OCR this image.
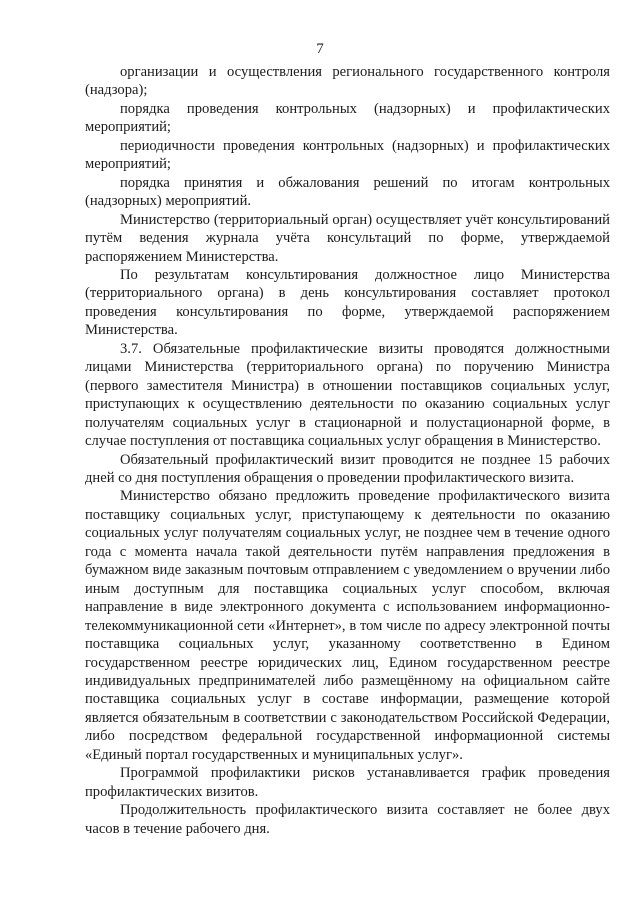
7

организации и осуществления регионального государственного контроля (надзора);

порядка проведения контрольных (надзорных) и профилактических мероприятий;

периодичности проведения контрольных (надзорных) и профилактических мероприятий;

порядка принятия и обжалования решений по итогам контрольных (надзорных) мероприятий.

Министерство (территориальный орган) осуществляет учёт консультирований путём ведения журнала учёта консультаций по форме, утверждаемой распоряжением Министерства.

По результатам консультирования должностное лицо Министерства (территориального органа) в день консультирования составляет протокол проведения консультирования по форме, утверждаемой распоряжением Министерства.

3.7. Обязательные профилактические визиты проводятся должностными лицами Министерства (территориального органа) по поручению Министра (первого заместителя Министра) в отношении поставщиков социальных услуг, приступающих к осуществлению деятельности по оказанию социальных услуг получателям социальных услуг в стационарной и полустационарной форме, в случае поступления от поставщика социальных услуг обращения в Министерство.

Обязательный профилактический визит проводится не позднее 15 рабочих дней со дня поступления обращения о проведении профилактического визита.

Министерство обязано предложить проведение профилактического визита поставщику социальных услуг, приступающему к деятельности по оказанию социальных услуг получателям социальных услуг, не позднее чем в течение одного года с момента начала такой деятельности путём направления предложения в бумажном виде заказным почтовым отправлением с уведомлением о вручении либо иным доступным для поставщика социальных услуг способом, включая направление в виде электронного документа с использованием информационно-телекоммуникационной сети «Интернет», в том числе по адресу электронной почты поставщика социальных услуг, указанному соответственно в Едином государственном реестре юридических лиц, Едином государственном реестре индивидуальных предпринимателей либо размещённому на официальном сайте поставщика социальных услуг в составе информации, размещение которой является обязательным в соответствии с законодательством Российской Федерации, либо посредством федеральной государственной информационной системы «Единый портал государственных и муниципальных услуг».

Программой профилактики рисков устанавливается график проведения профилактических визитов.

Продолжительность профилактического визита составляет не более двух часов в течение рабочего дня.
